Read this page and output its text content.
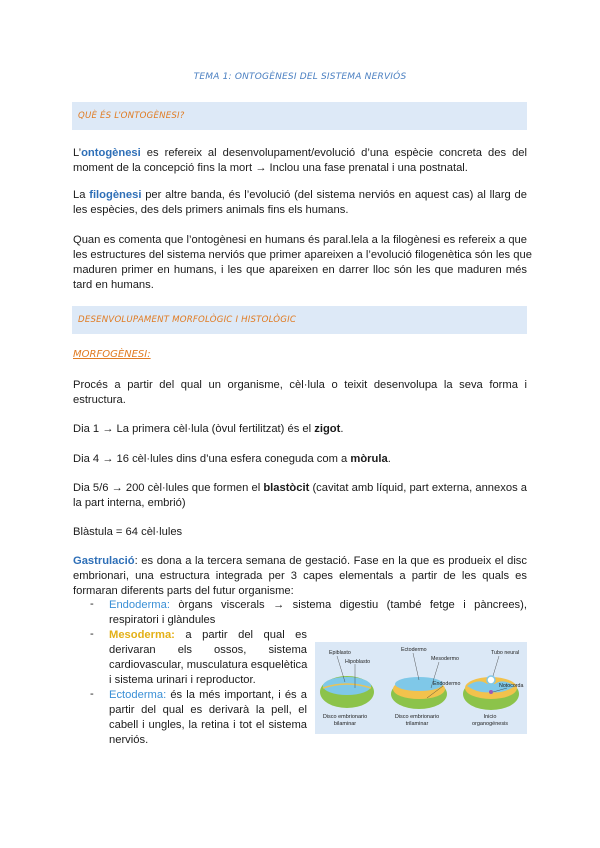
TEMA 1: ONTOGÈNESI DEL SISTEMA NERVIÓS
QUÈ ÉS L’ONTOGÈNESI?
L’ontogènesi es refereix al desenvolupament/evolució d’una espècie concreta des del
moment de la concepció fins la mort → Inclou una fase prenatal i una postnatal.
La filogènesi per altre banda, és l’evolució (del sistema nerviós en aquest cas) al llarg de
les espècies, des dels primers animals fins els humans.
Quan es comenta que l’ontogènesi en humans és paral.lela a la filogènesi es refereix a que
les estructures del sistema nerviós que primer apareixen a l’evolució filogenètica són les que
maduren primer en humans, i les que apareixen en darrer lloc són les que maduren més
tard en humans.
DESENVOLUPAMENT MORFOLÒGIC I HISTOLÒGIC
MORFOGÈNESI:
Procés a partir del qual un organisme, cèl·lula o teixit desenvolupa la seva forma i
estructura.
Dia 1 → La primera cèl·lula (òvul fertilitzat) és el zigot.
Dia 4 → 16 cèl·lules dins d’una esfera coneguda com a mòrula.
Dia 5/6 → 200 cèl·lules que formen el blastòcit (cavitat amb líquid, part externa, annexos a
la part interna, embrió)
Blàstula = 64 cèl·lules
Gastrulació: es dona a la tercera semana de gestació. Fase en la que es produeix el disc
embrionari, una estructura integrada per 3 capes elementals a partir de les quals es
formaran diferents parts del futur organisme:
- Endoderma: òrgans viscerals → sistema digestiu (també fetge i pàncrees),
respiratori i glàndules
- Mesoderma: a partir del qual es
derivaran els ossos, sistema
cardiovascular, musculatura esquelètica
i sistema urinari i reproductor.
- Ectoderma: és la més important, i és a
partir del qual es derivarà la pell, el
cabell i ungles, la retina i tot el sistema
nerviós.
Epiblasto
Hipoblasto
Ectodermo
Mesodermo
Endodermo
Tubo neural
Notocorda
Disco embrionario
bilaminar
Disco embrionario
trilaminar
Inicio
organogénesis
